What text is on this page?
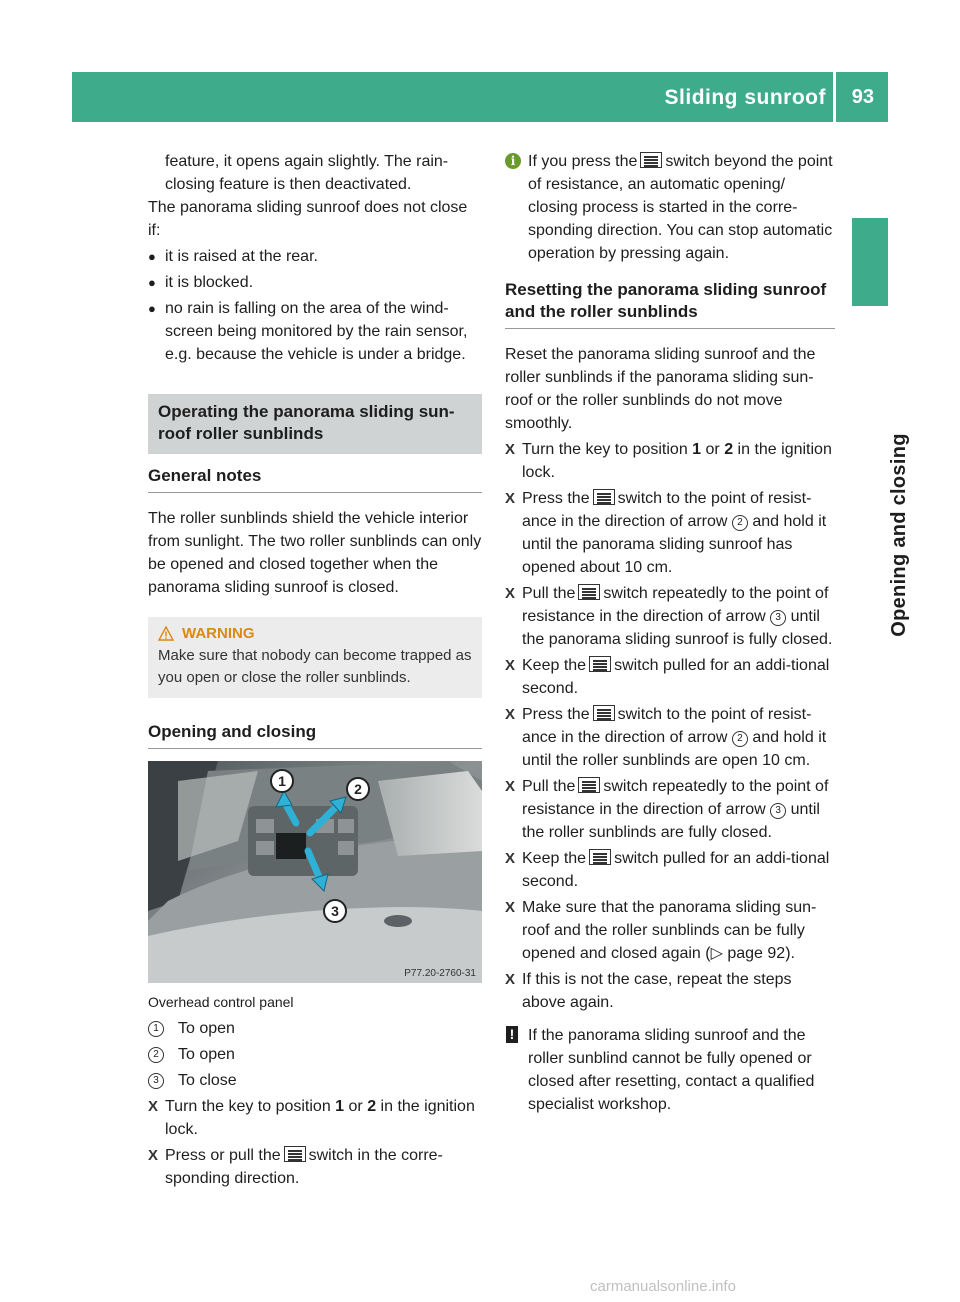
Sliding sunroof 93
Opening and closing

feature, it opens again slightly. The rain-

closing feature is then deactivated.

The panorama sliding sunroof does not close if:

● it is raised at the rear.
● it is blocked.
● no rain is falling on the area of the wind-screen being monitored by the rain sensor, e.g. because the vehicle is under a bridge.
Operating the panorama sliding sun-roof roller sunblinds
General notes

The roller sunblinds shield the vehicle interior from sunlight. The two roller sunblinds can only be opened and closed together when the panorama sliding sunroof is closed.

WARNING

Make sure that nobody can become trapped as you open or close the roller sunblinds.

Opening and closing
1	2
3
P77.20-2760-31

Overhead control panel

1	To open
2	To open
3	To close
X Turn the key to position 1 or 2 in the ignition lock.
X Press or pull the switch in the corre-sponding direction.
i If you press the switch beyond the point of resistance, an automatic opening/ closing process is started in the corre-sponding direction. You can stop automatic operation by pressing again.
Resetting the panorama sliding sunroof and the roller sunblinds

Reset the panorama sliding sunroof and the roller sunblinds if the panorama sliding sun-roof or the roller sunblinds do not move smoothly.

X Turn the key to position 1 or 2 in the ignition lock.
X Press the switch to the point of resist-ance in the direction of arrow 2 and hold it until the panorama sliding sunroof has opened about 10 cm.
X Pull the switch repeatedly to the point of resistance in the direction of arrow 3 until the panorama sliding sunroof is fully closed.
X Keep the switch pulled for an addi-tional second.
X Press the switch to the point of resist-ance in the direction of arrow 2 and hold it until the roller sunblinds are open 10 cm.
X Pull the switch repeatedly to the point of resistance in the direction of arrow 3 until the roller sunblinds are fully closed.
X Keep the switch pulled for an addi-tional second.
X Make sure that the panorama sliding sun-roof and the roller sunblinds can be fully opened and closed again (▷ page 92).
X If this is not the case, repeat the steps above again.
! If the panorama sliding sunroof and the roller sunblind cannot be fully opened or closed after resetting, contact a qualified specialist workshop.
carmanualsonline.info
